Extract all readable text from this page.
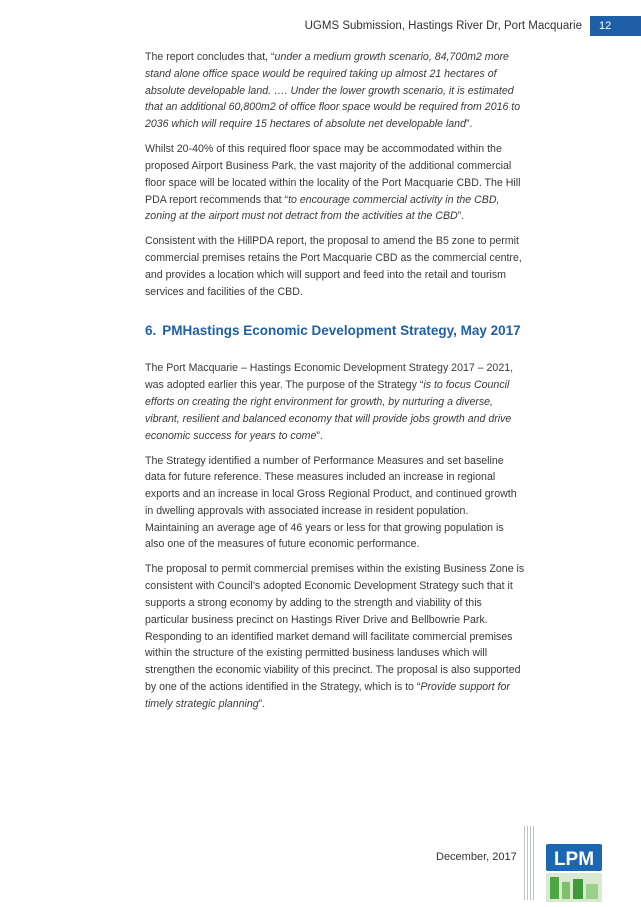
UGMS Submission, Hastings River Dr, Port Macquarie	12

The report concludes that, “under a medium growth scenario, 84,700m2 more stand alone office space would be required taking up almost 21 hectares of absolute developable land. …. Under the lower growth scenario, it is estimated that an additional 60,800m2 of office floor space would be required from 2016 to 2036 which will require 15 hectares of absolute net developable land”.

Whilst 20-40% of this required floor space may be accommodated within the proposed Airport Business Park, the vast majority of the additional commercial floor space will be located within the locality of the Port Macquarie CBD. The Hill PDA report recommends that “to encourage commercial activity in the CBD, zoning at the airport must not detract from the activities at the CBD”.

Consistent with the HillPDA report, the proposal to amend the B5 zone to permit commercial premises retains the Port Macquarie CBD as the commercial centre, and provides a location which will support and feed into the retail and tourism services and facilities of the CBD.

6. PMHastings Economic Development Strategy, May 2017

The Port Macquarie – Hastings Economic Development Strategy 2017 – 2021, was adopted earlier this year. The purpose of the Strategy “is to focus Council efforts on creating the right environment for growth, by nurturing a diverse, vibrant, resilient and balanced economy that will provide jobs growth and drive economic success for years to come”.

The Strategy identified a number of Performance Measures and set baseline data for future reference. These measures included an increase in regional exports and an increase in local Gross Regional Product, and continued growth in dwelling approvals with associated increase in resident population. Maintaining an average age of 46 years or less for that growing population is also one of the measures of future economic performance.

The proposal to permit commercial premises within the existing Business Zone is consistent with Council’s adopted Economic Development Strategy such that it supports a strong economy by adding to the strength and viability of this particular business precinct on Hastings River Drive and Bellbowrie Park. Responding to an identified market demand will facilitate commercial premises within the structure of the existing permitted business landuses which will strengthen the economic viability of this precinct. The proposal is also supported by one of the actions identified in the Strategy, which is to “Provide support for timely strategic planning”.

December, 2017 LPM
